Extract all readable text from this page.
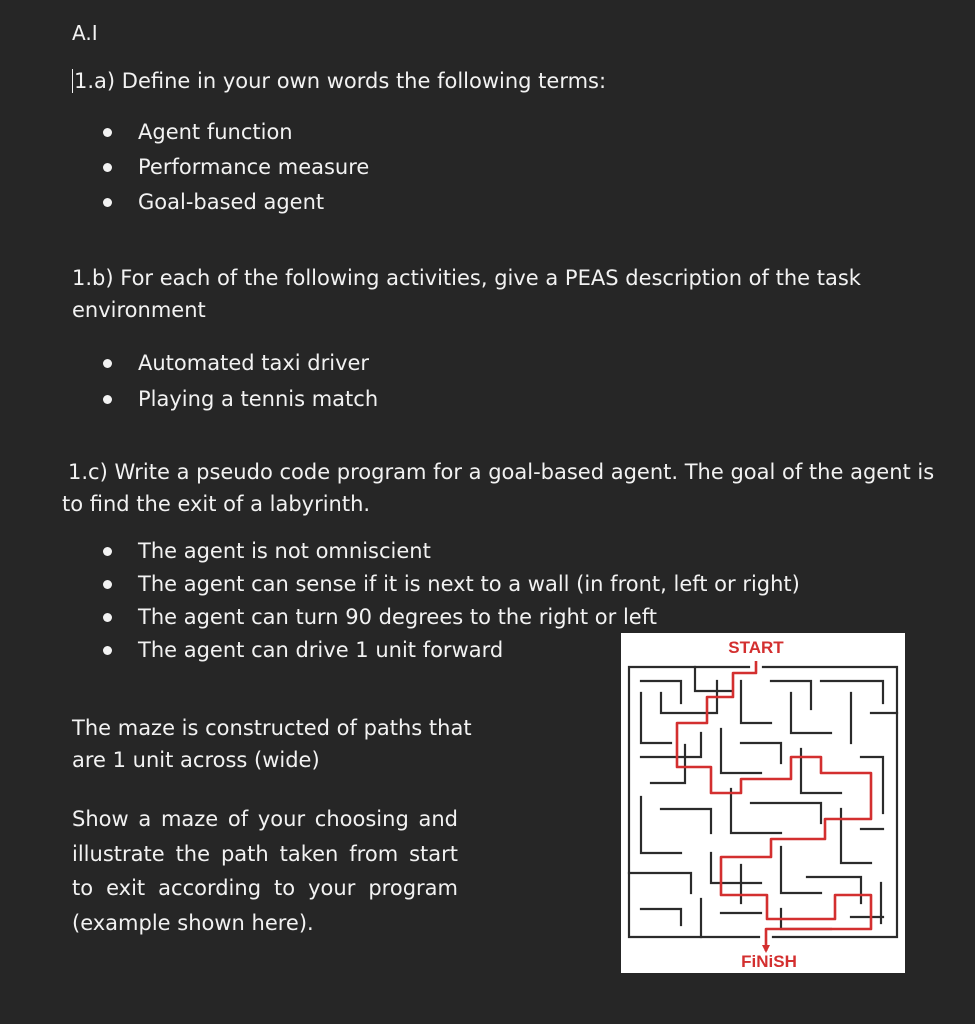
A.I
1.a) Define in your own words the following terms:
Agent function
Performance measure
Goal-based agent
1.b) For each of the following activities, give a PEAS description of the task environment
Automated taxi driver
Playing a tennis match
1.c) Write a pseudo code program for a goal-based agent. The goal of the agent is to find the exit of a labyrinth.
The agent is not omniscient
The agent can sense if it is next to a wall (in front, left or right)
The agent can turn 90 degrees to the right or left
The agent can drive 1 unit forward
The maze is constructed of paths that are 1 unit across (wide)
Show a maze of your choosing and illustrate the path taken from start to exit according to your program (example shown here).
START
FiNiSH
